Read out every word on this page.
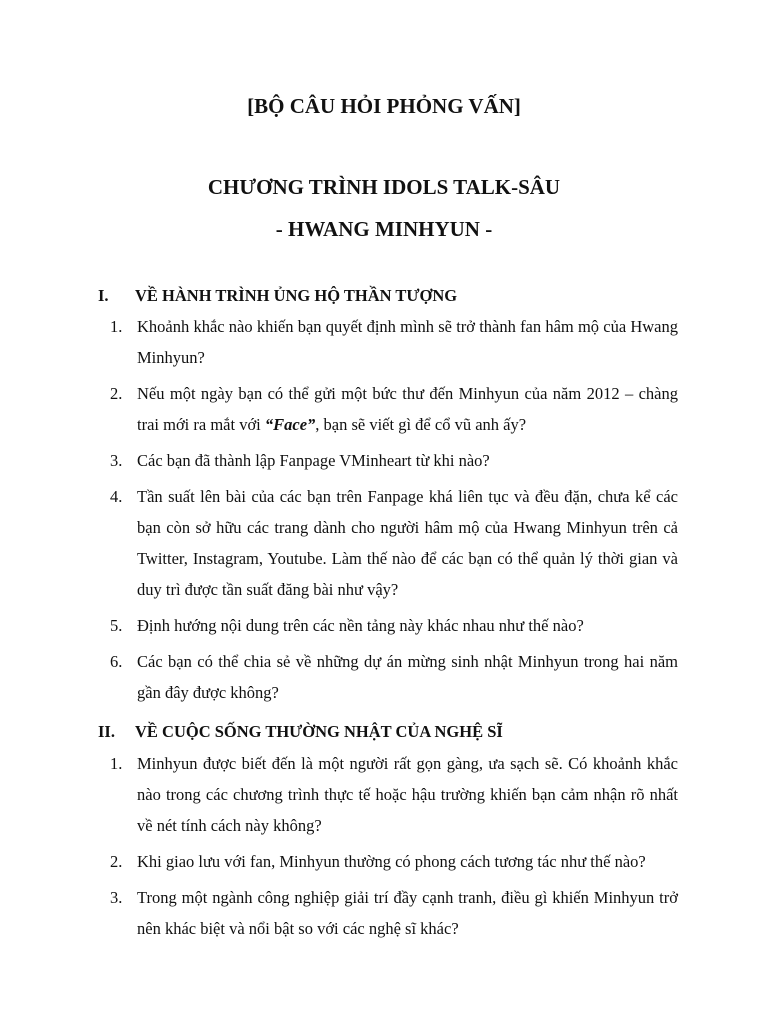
[BỘ CÂU HỎI PHỎNG VẤN]
CHƯƠNG TRÌNH IDOLS TALK-SÂU
- HWANG MINHYUN -
I. VỀ HÀNH TRÌNH ỦNG HỘ THẦN TƯỢNG
1. Khoảnh khắc nào khiến bạn quyết định mình sẽ trở thành fan hâm mộ của Hwang Minhyun?
2. Nếu một ngày bạn có thể gửi một bức thư đến Minhyun của năm 2012 – chàng trai mới ra mắt với “Face”, bạn sẽ viết gì để cổ vũ anh ấy?
3. Các bạn đã thành lập Fanpage VMinheart từ khi nào?
4. Tần suất lên bài của các bạn trên Fanpage khá liên tục và đều đặn, chưa kể các bạn còn sở hữu các trang dành cho người hâm mộ của Hwang Minhyun trên cả Twitter, Instagram, Youtube. Làm thế nào để các bạn có thể quản lý thời gian và duy trì được tần suất đăng bài như vậy?
5. Định hướng nội dung trên các nền tảng này khác nhau như thế nào?
6. Các bạn có thể chia sẻ về những dự án mừng sinh nhật Minhyun trong hai năm gần đây được không?
II. VỀ CUỘC SỐNG THƯỜNG NHẬT CỦA NGHỆ SĨ
1. Minhyun được biết đến là một người rất gọn gàng, ưa sạch sẽ. Có khoảnh khắc nào trong các chương trình thực tế hoặc hậu trường khiến bạn cảm nhận rõ nhất về nét tính cách này không?
2. Khi giao lưu với fan, Minhyun thường có phong cách tương tác như thế nào?
3. Trong một ngành công nghiệp giải trí đầy cạnh tranh, điều gì khiến Minhyun trở nên khác biệt và nổi bật so với các nghệ sĩ khác?
